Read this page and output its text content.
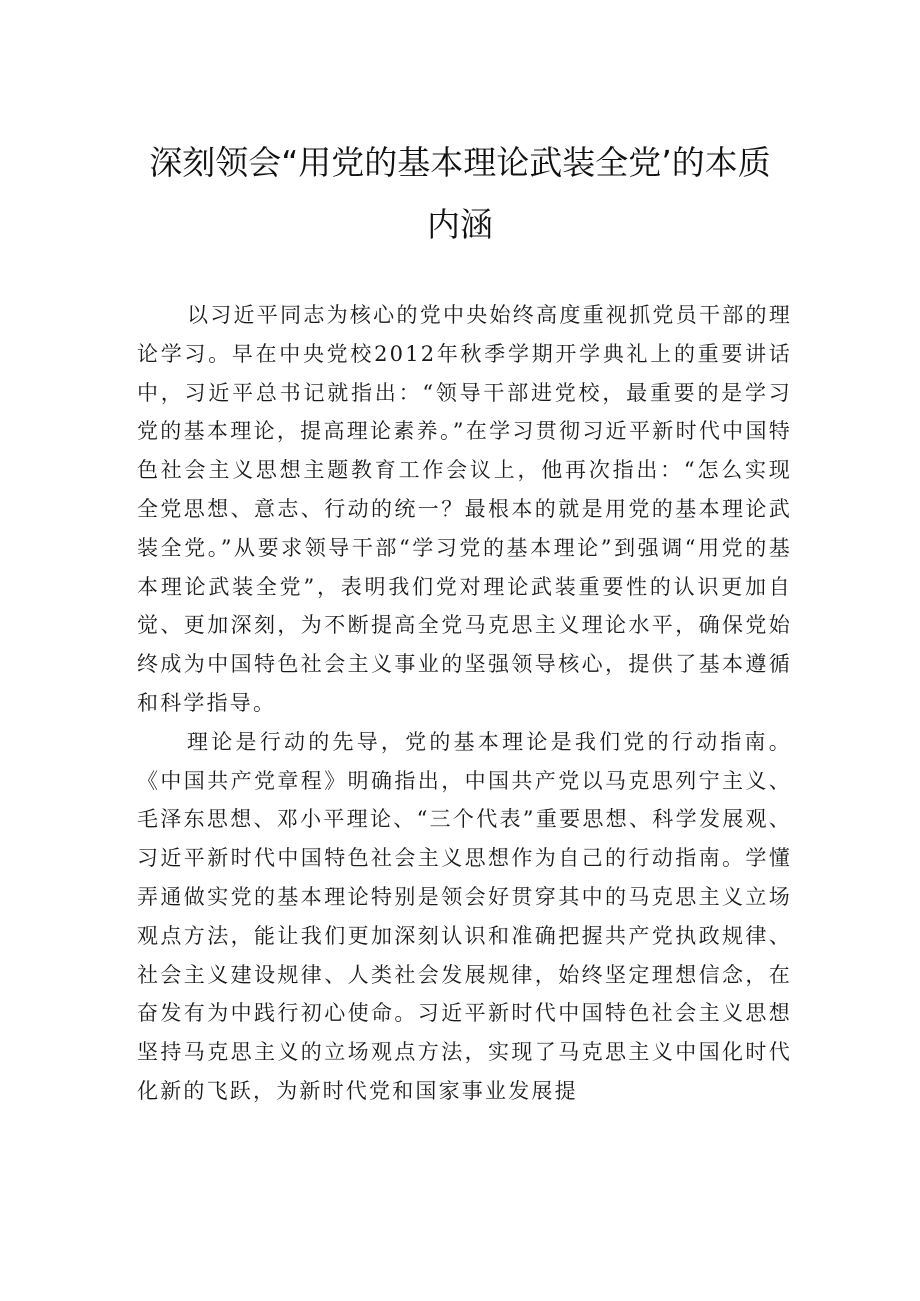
深刻领会“用党的基本理论武装全党’的本质
内涵

以习近平同志为核心的党中央始终高度重视抓党员干部的理论学习。早在中央党校2012年秋季学期开学典礼上的重要讲话中，习近平总书记就指出：“领导干部进党校，最重要的是学习党的基本理论，提高理论素养。”在学习贯彻习近平新时代中国特色社会主义思想主题教育工作会议上，他再次指出：“怎么实现全党思想、意志、行动的统一？最根本的就是用党的基本理论武装全党。”从要求领导干部“学习党的基本理论”到强调“用党的基本理论武装全党”，表明我们党对理论武装重要性的认识更加自觉、更加深刻，为不断提高全党马克思主义理论水平，确保党始终成为中国特色社会主义事业的坚强领导核心，提供了基本遵循和科学指导。

理论是行动的先导，党的基本理论是我们党的行动指南。《中国共产党章程》明确指出，中国共产党以马克思列宁主义、毛泽东思想、邓小平理论、“三个代表”重要思想、科学发展观、习近平新时代中国特色社会主义思想作为自己的行动指南。学懂弄通做实党的基本理论特别是领会好贯穿其中的马克思主义立场观点方法，能让我们更加深刻认识和准确把握共产党执政规律、社会主义建设规律、人类社会发展规律，始终坚定理想信念，在奋发有为中践行初心使命。习近平新时代中国特色社会主义思想坚持马克思主义的立场观点方法，实现了马克思主义中国化时代化新的飞跃，为新时代党和国家事业发展提
